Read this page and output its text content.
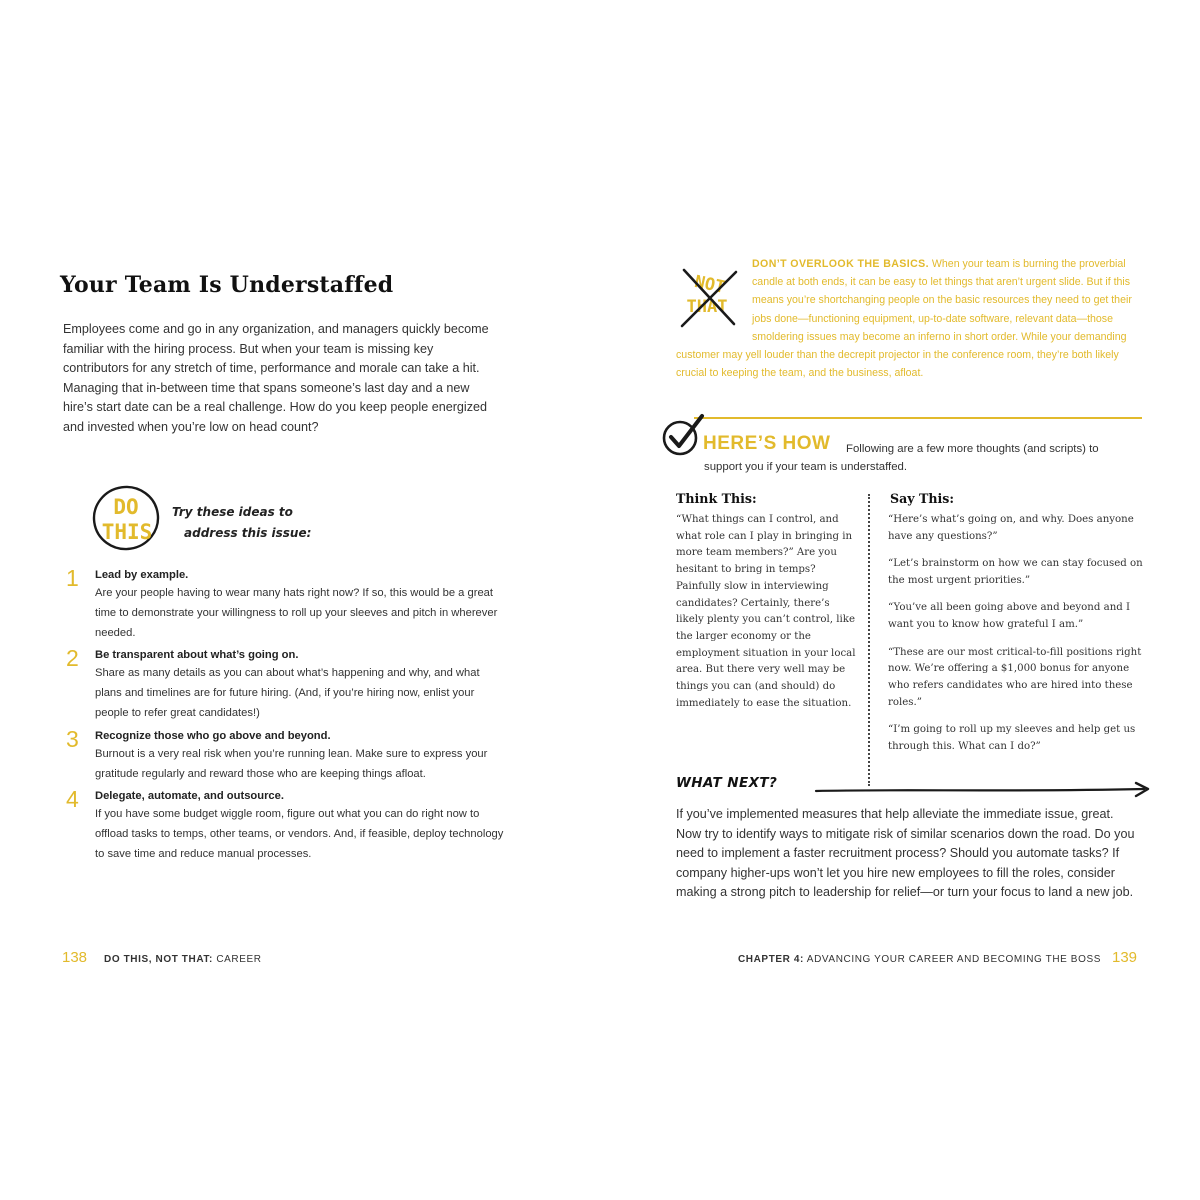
Your Team Is Understaffed

Employees come and go in any organization, and managers quickly become familiar with the hiring process. But when your team is missing key contributors for any stretch of time, performance and morale can take a hit. Managing that in-between time that spans someone’s last day and a new hire’s start date can be a real challenge. How do you keep people energized and invested when you’re low on head count?

DO
THIS

Try these ideas to
address this issue:

1 Lead by example.
Are your people having to wear many hats right now? If so, this would be a great time to demonstrate your willingness to roll up your sleeves and pitch in wherever needed.
2 Be transparent about what’s going on.
Share as many details as you can about what’s happening and why, and what plans and timelines are for future hiring. (And, if you’re hiring now, enlist your people to refer great candidates!)
3 Recognize those who go above and beyond.
Burnout is a very real risk when you’re running lean. Make sure to express your gratitude regularly and reward those who are keeping things afloat.
4 Delegate, automate, and outsource.
If you have some budget wiggle room, figure out what you can do right now to offload tasks to temps, other teams, or vendors. And, if feasible, deploy technology to save time and reduce manual processes.
138 DO THIS, NOT THAT: CAREER

DON’T OVERLOOK THE BASICS. When your team is burning the proverbial candle at both ends, it can be easy to let things that aren’t urgent slide. But if this means you’re shortchanging people on the basic resources they need to get their jobs done—functioning equipment, up-to-date software, relevant data—those smoldering issues may become an inferno in short order. While your demanding customer may yell louder than the decrepit projector in the conference room, they’re both likely crucial to keeping the team, and the business, afloat.

NOT
THAT
HERE’S HOW Following are a few more thoughts (and scripts) to

support you if your team is understaffed.

Think This:

“What things can I control, and what role can I play in bringing in more team members?” Are you hesitant to bring in temps? Painfully slow in interviewing candidates? Certainly, there’s likely plenty you can’t control, like the larger economy or the employment situation in your local area. But there very well may be things you can (and should) do immediately to ease the situation.

Say This:
“Here’s what’s going on, and why. Does anyone have any questions?”
“Let’s brainstorm on how we can stay focused on the most urgent priorities.”
“You’ve all been going above and beyond and I want you to know how grateful I am.”
“These are our most critical-to-fill positions right now. We’re offering a $1,000 bonus for anyone who refers candidates who are hired into these roles.”
“I’m going to roll up my sleeves and help get us through this. What can I do?”
WHAT NEXT?

If you’ve implemented measures that help alleviate the immediate issue, great. Now try to identify ways to mitigate risk of similar scenarios down the road. Do you need to implement a faster recruitment process? Should you automate tasks? If company higher-ups won’t let you hire new employees to fill the roles, consider making a strong pitch to leadership for relief—or turn your focus to land a new job.

CHAPTER 4: ADVANCING YOUR CAREER AND BECOMING THE BOSS 139
